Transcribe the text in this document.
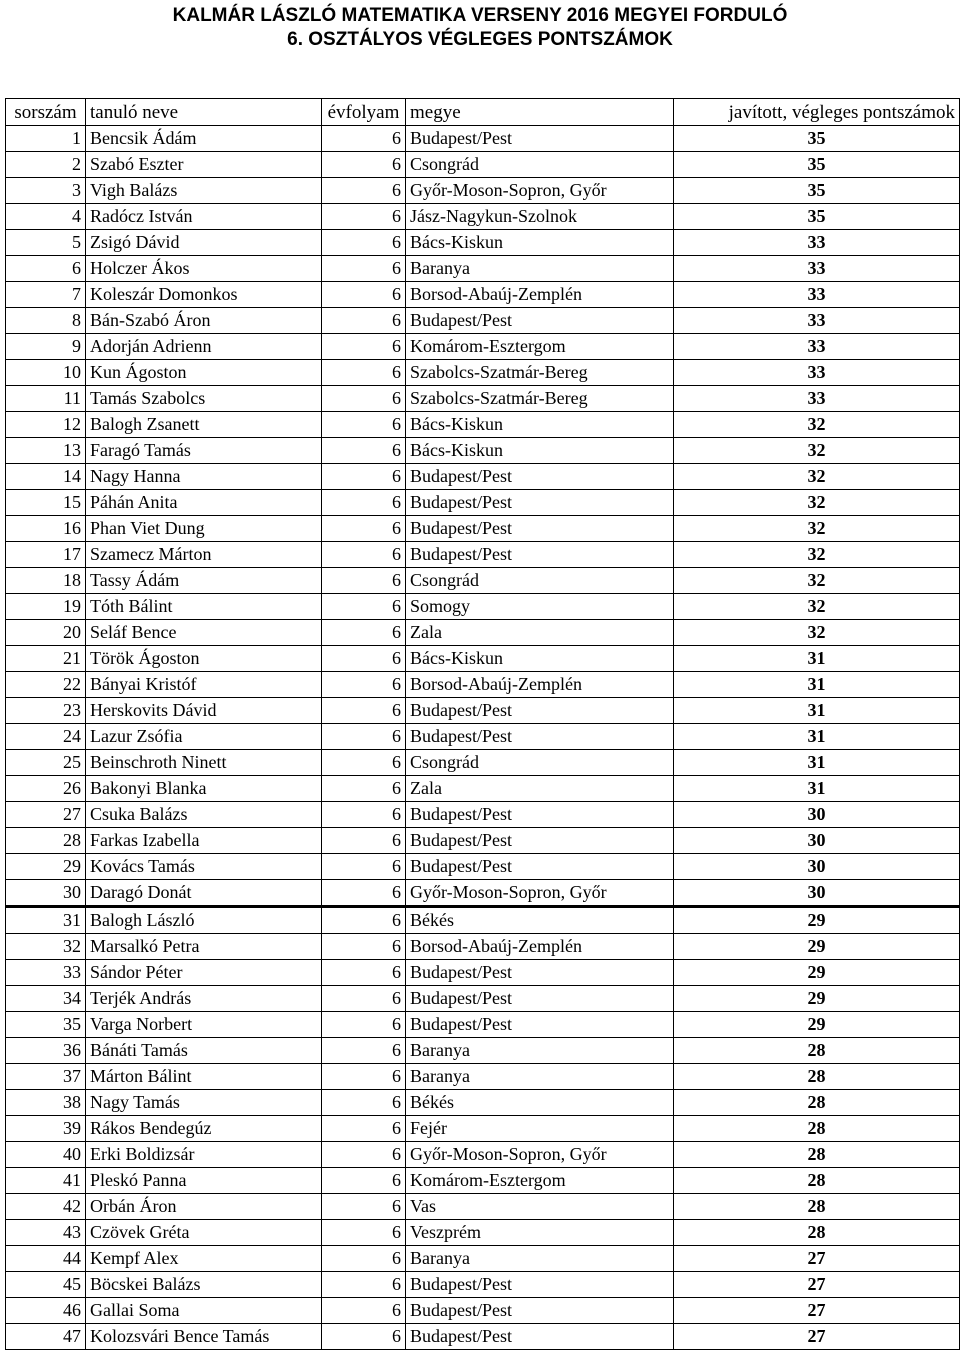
KALMÁR LÁSZLÓ MATEMATIKA VERSENY 2016 MEGYEI FORDULÓ
6. OSZTÁLYOS VÉGLEGES PONTSZÁMOK
sorszám	tanuló neve	évfolyam	megye	javított, végleges pontszámok
1	Bencsik Ádám	6	Budapest/Pest	35
2	Szabó Eszter	6	Csongrád	35
3	Vigh Balázs	6	Győr-Moson-Sopron, Győr	35
4	Radócz István	6	Jász-Nagykun-Szolnok	35
5	Zsigó Dávid	6	Bács-Kiskun	33
6	Holczer Ákos	6	Baranya	33
7	Koleszár Domonkos	6	Borsod-Abaúj-Zemplén	33
8	Bán-Szabó Áron	6	Budapest/Pest	33
9	Adorján Adrienn	6	Komárom-Esztergom	33
10	Kun Ágoston	6	Szabolcs-Szatmár-Bereg	33
11	Tamás Szabolcs	6	Szabolcs-Szatmár-Bereg	33
12	Balogh Zsanett	6	Bács-Kiskun	32
13	Faragó Tamás	6	Bács-Kiskun	32
14	Nagy Hanna	6	Budapest/Pest	32
15	Páhán Anita	6	Budapest/Pest	32
16	Phan Viet Dung	6	Budapest/Pest	32
17	Szamecz Márton	6	Budapest/Pest	32
18	Tassy Ádám	6	Csongrád	32
19	Tóth Bálint	6	Somogy	32
20	Seláf Bence	6	Zala	32
21	Török Ágoston	6	Bács-Kiskun	31
22	Bányai Kristóf	6	Borsod-Abaúj-Zemplén	31
23	Herskovits Dávid	6	Budapest/Pest	31
24	Lazur Zsófia	6	Budapest/Pest	31
25	Beinschroth Ninett	6	Csongrád	31
26	Bakonyi Blanka	6	Zala	31
27	Csuka Balázs	6	Budapest/Pest	30
28	Farkas Izabella	6	Budapest/Pest	30
29	Kovács Tamás	6	Budapest/Pest	30
30	Daragó Donát	6	Győr-Moson-Sopron, Győr	30
31	Balogh László	6	Békés	29
32	Marsalkó Petra	6	Borsod-Abaúj-Zemplén	29
33	Sándor Péter	6	Budapest/Pest	29
34	Terjék András	6	Budapest/Pest	29
35	Varga Norbert	6	Budapest/Pest	29
36	Bánáti Tamás	6	Baranya	28
37	Márton Bálint	6	Baranya	28
38	Nagy Tamás	6	Békés	28
39	Rákos Bendegúz	6	Fejér	28
40	Erki Boldizsár	6	Győr-Moson-Sopron, Győr	28
41	Pleskó Panna	6	Komárom-Esztergom	28
42	Orbán Áron	6	Vas	28
43	Czövek Gréta	6	Veszprém	28
44	Kempf Alex	6	Baranya	27
45	Böcskei Balázs	6	Budapest/Pest	27
46	Gallai Soma	6	Budapest/Pest	27
47	Kolozsvári Bence Tamás	6	Budapest/Pest	27
